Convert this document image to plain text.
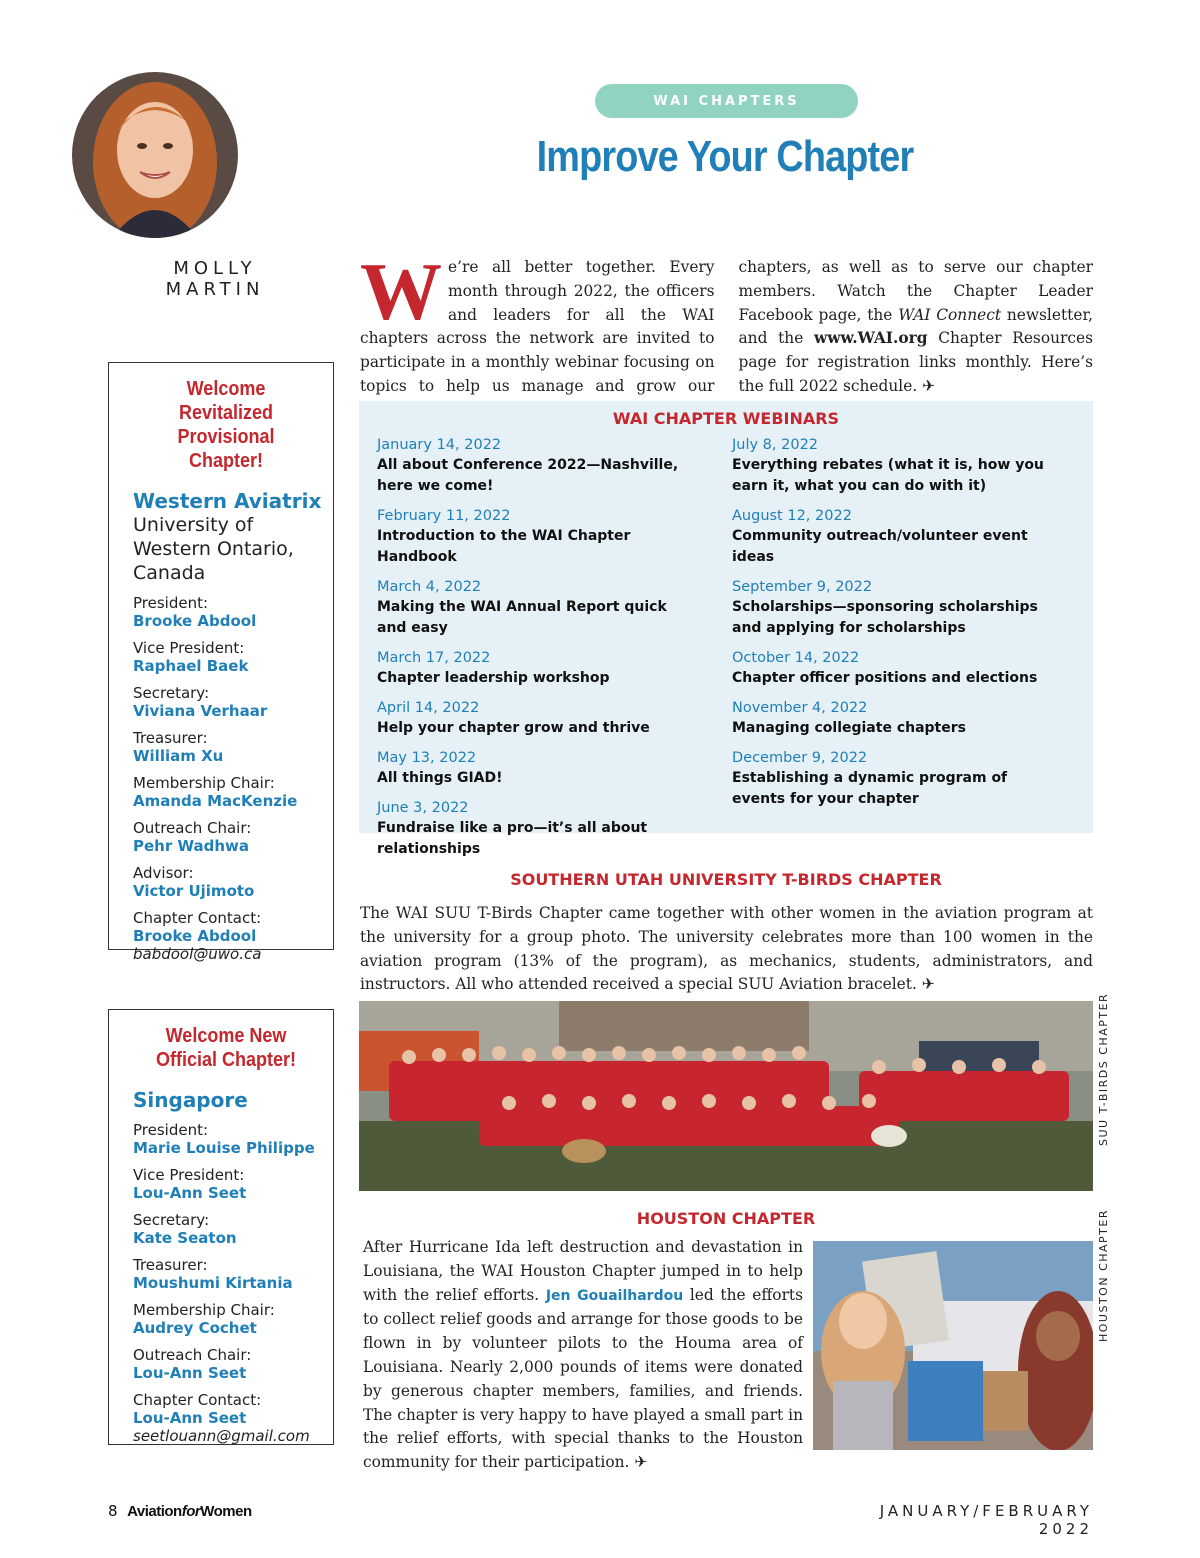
MOLLY
MARTIN
WAI CHAPTERS
Improve Your Chapter
We’re all better together. Every month through 2022, the officers and leaders for all the WAI chapters across the network are invited to participate in a monthly webinar focusing on topics to help us manage and grow our chapters, as well as to serve our chapter members. Watch the Chapter Leader Facebook page, the WAI Connect newsletter, and the www.WAI.org Chapter Resources page for registration links monthly. Here’s the full 2022 schedule. ✈
Welcome Revitalized Provisional Chapter!
Western Aviatrix
University of Western Ontario, Canada
President:
Brooke Abdool
Vice President:
Raphael Baek
Secretary:
Viviana Verhaar
Treasurer:
William Xu
Membership Chair:
Amanda MacKenzie
Outreach Chair:
Pehr Wadhwa
Advisor:
Victor Ujimoto
Chapter Contact:
Brooke Abdool
babdool@uwo.ca
Welcome New Official Chapter!
Singapore
President:
Marie Louise Philippe
Vice President:
Lou-Ann Seet
Secretary:
Kate Seaton
Treasurer:
Moushumi Kirtania
Membership Chair:
Audrey Cochet
Outreach Chair:
Lou-Ann Seet
Chapter Contact:
Lou-Ann Seet
seetlouann@gmail.com
WAI CHAPTER WEBINARS
January 14, 2022
All about Conference 2022—Nashville, here we come!
February 11, 2022
Introduction to the WAI Chapter Handbook
March 4, 2022
Making the WAI Annual Report quick and easy
March 17, 2022
Chapter leadership workshop
April 14, 2022
Help your chapter grow and thrive
May 13, 2022
All things GIAD!
June 3, 2022
Fundraise like a pro—it’s all about relationships
July 8, 2022
Everything rebates (what it is, how you earn it, what you can do with it)
August 12, 2022
Community outreach/volunteer event ideas
September 9, 2022
Scholarships—sponsoring scholarships and applying for scholarships
October 14, 2022
Chapter officer positions and elections
November 4, 2022
Managing collegiate chapters
December 9, 2022
Establishing a dynamic program of events for your chapter
SOUTHERN UTAH UNIVERSITY T-BIRDS CHAPTER
The WAI SUU T-Birds Chapter came together with other women in the aviation program at the university for a group photo. The university celebrates more than 100 women in the aviation program (13% of the program), as mechanics, students, administrators, and instructors. All who attended received a special SUU Aviation bracelet. ✈
SUU T-BIRDS CHAPTER
HOUSTON CHAPTER
After Hurricane Ida left destruction and devastation in Louisiana, the WAI Houston Chapter jumped in to help with the relief efforts. Jen Gouailhardou led the efforts to collect relief goods and arrange for those goods to be flown in by volunteer pilots to the Houma area of Louisiana. Nearly 2,000 pounds of items were donated by generous chapter members, families, and friends. The chapter is very happy to have played a small part in the relief efforts, with special thanks to the Houston community for their participation. ✈
HOUSTON CHAPTER
8 AviationforWomen	JANUARY/FEBRUARY 2022
